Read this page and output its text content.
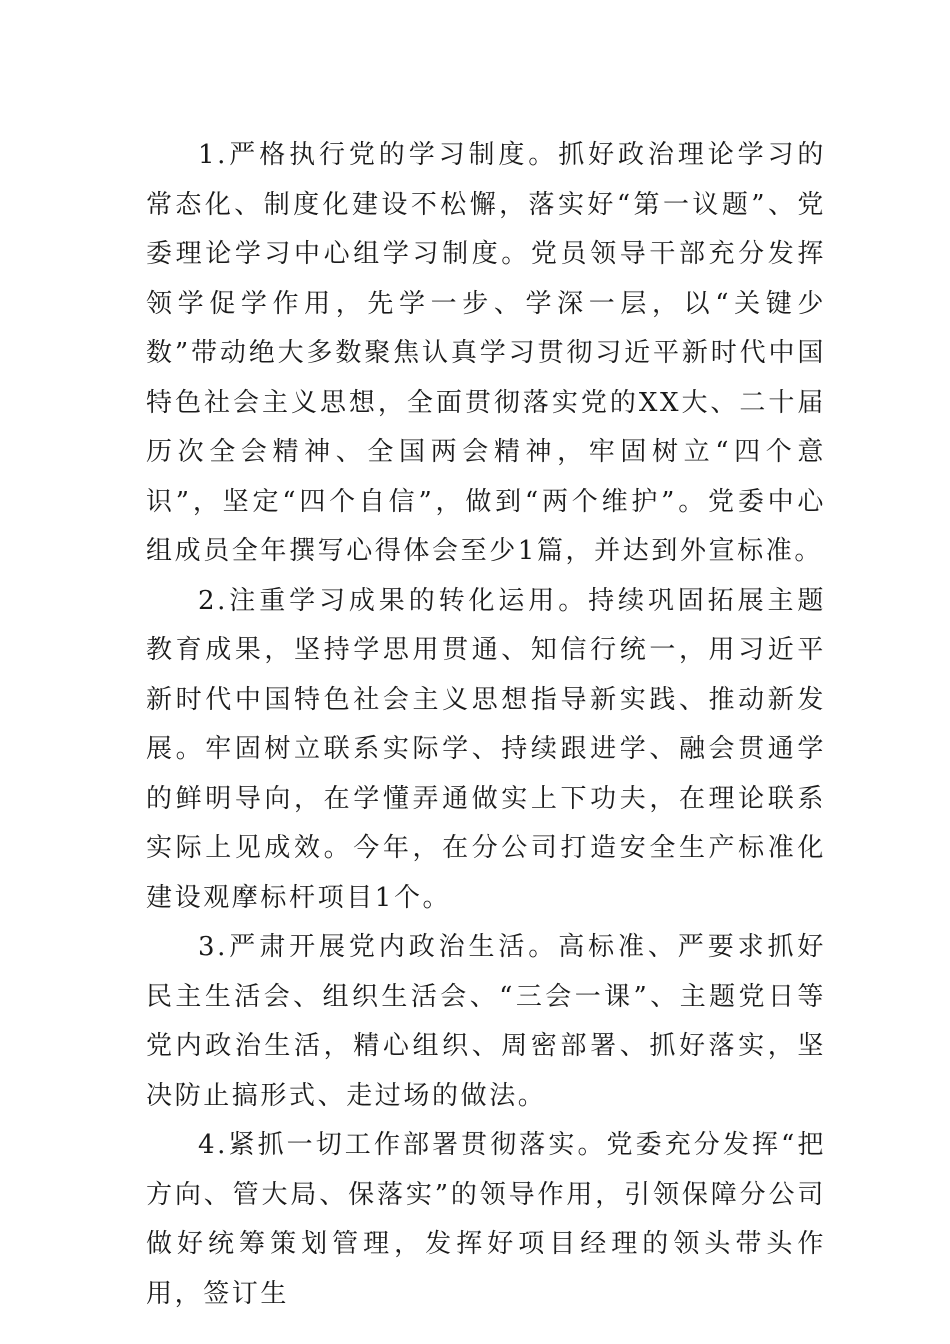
1.严格执行党的学习制度。抓好政治理论学习的常态化、制度化建设不松懈，落实好“第一议题”、党委理论学习中心组学习制度。党员领导干部充分发挥领学促学作用，先学一步、学深一层，以“关键少数”带动绝大多数聚焦认真学习贯彻习近平新时代中国特色社会主义思想，全面贯彻落实党的XX大、二十届历次全会精神、全国两会精神，牢固树立“四个意识”，坚定“四个自信”，做到“两个维护”。党委中心组成员全年撰写心得体会至少1篇，并达到外宣标准。

2.注重学习成果的转化运用。持续巩固拓展主题教育成果，坚持学思用贯通、知信行统一，用习近平新时代中国特色社会主义思想指导新实践、推动新发展。牢固树立联系实际学、持续跟进学、融会贯通学的鲜明导向，在学懂弄通做实上下功夫，在理论联系实际上见成效。今年，在分公司打造安全生产标准化建设观摩标杆项目1个。

3.严肃开展党内政治生活。高标准、严要求抓好民主生活会、组织生活会、“三会一课”、主题党日等党内政治生活，精心组织、周密部署、抓好落实，坚决防止搞形式、走过场的做法。

4.紧抓一切工作部署贯彻落实。党委充分发挥“把方向、管大局、保落实”的领导作用，引领保障分公司做好统筹策划管理，发挥好项目经理的领头带头作用，签订生
